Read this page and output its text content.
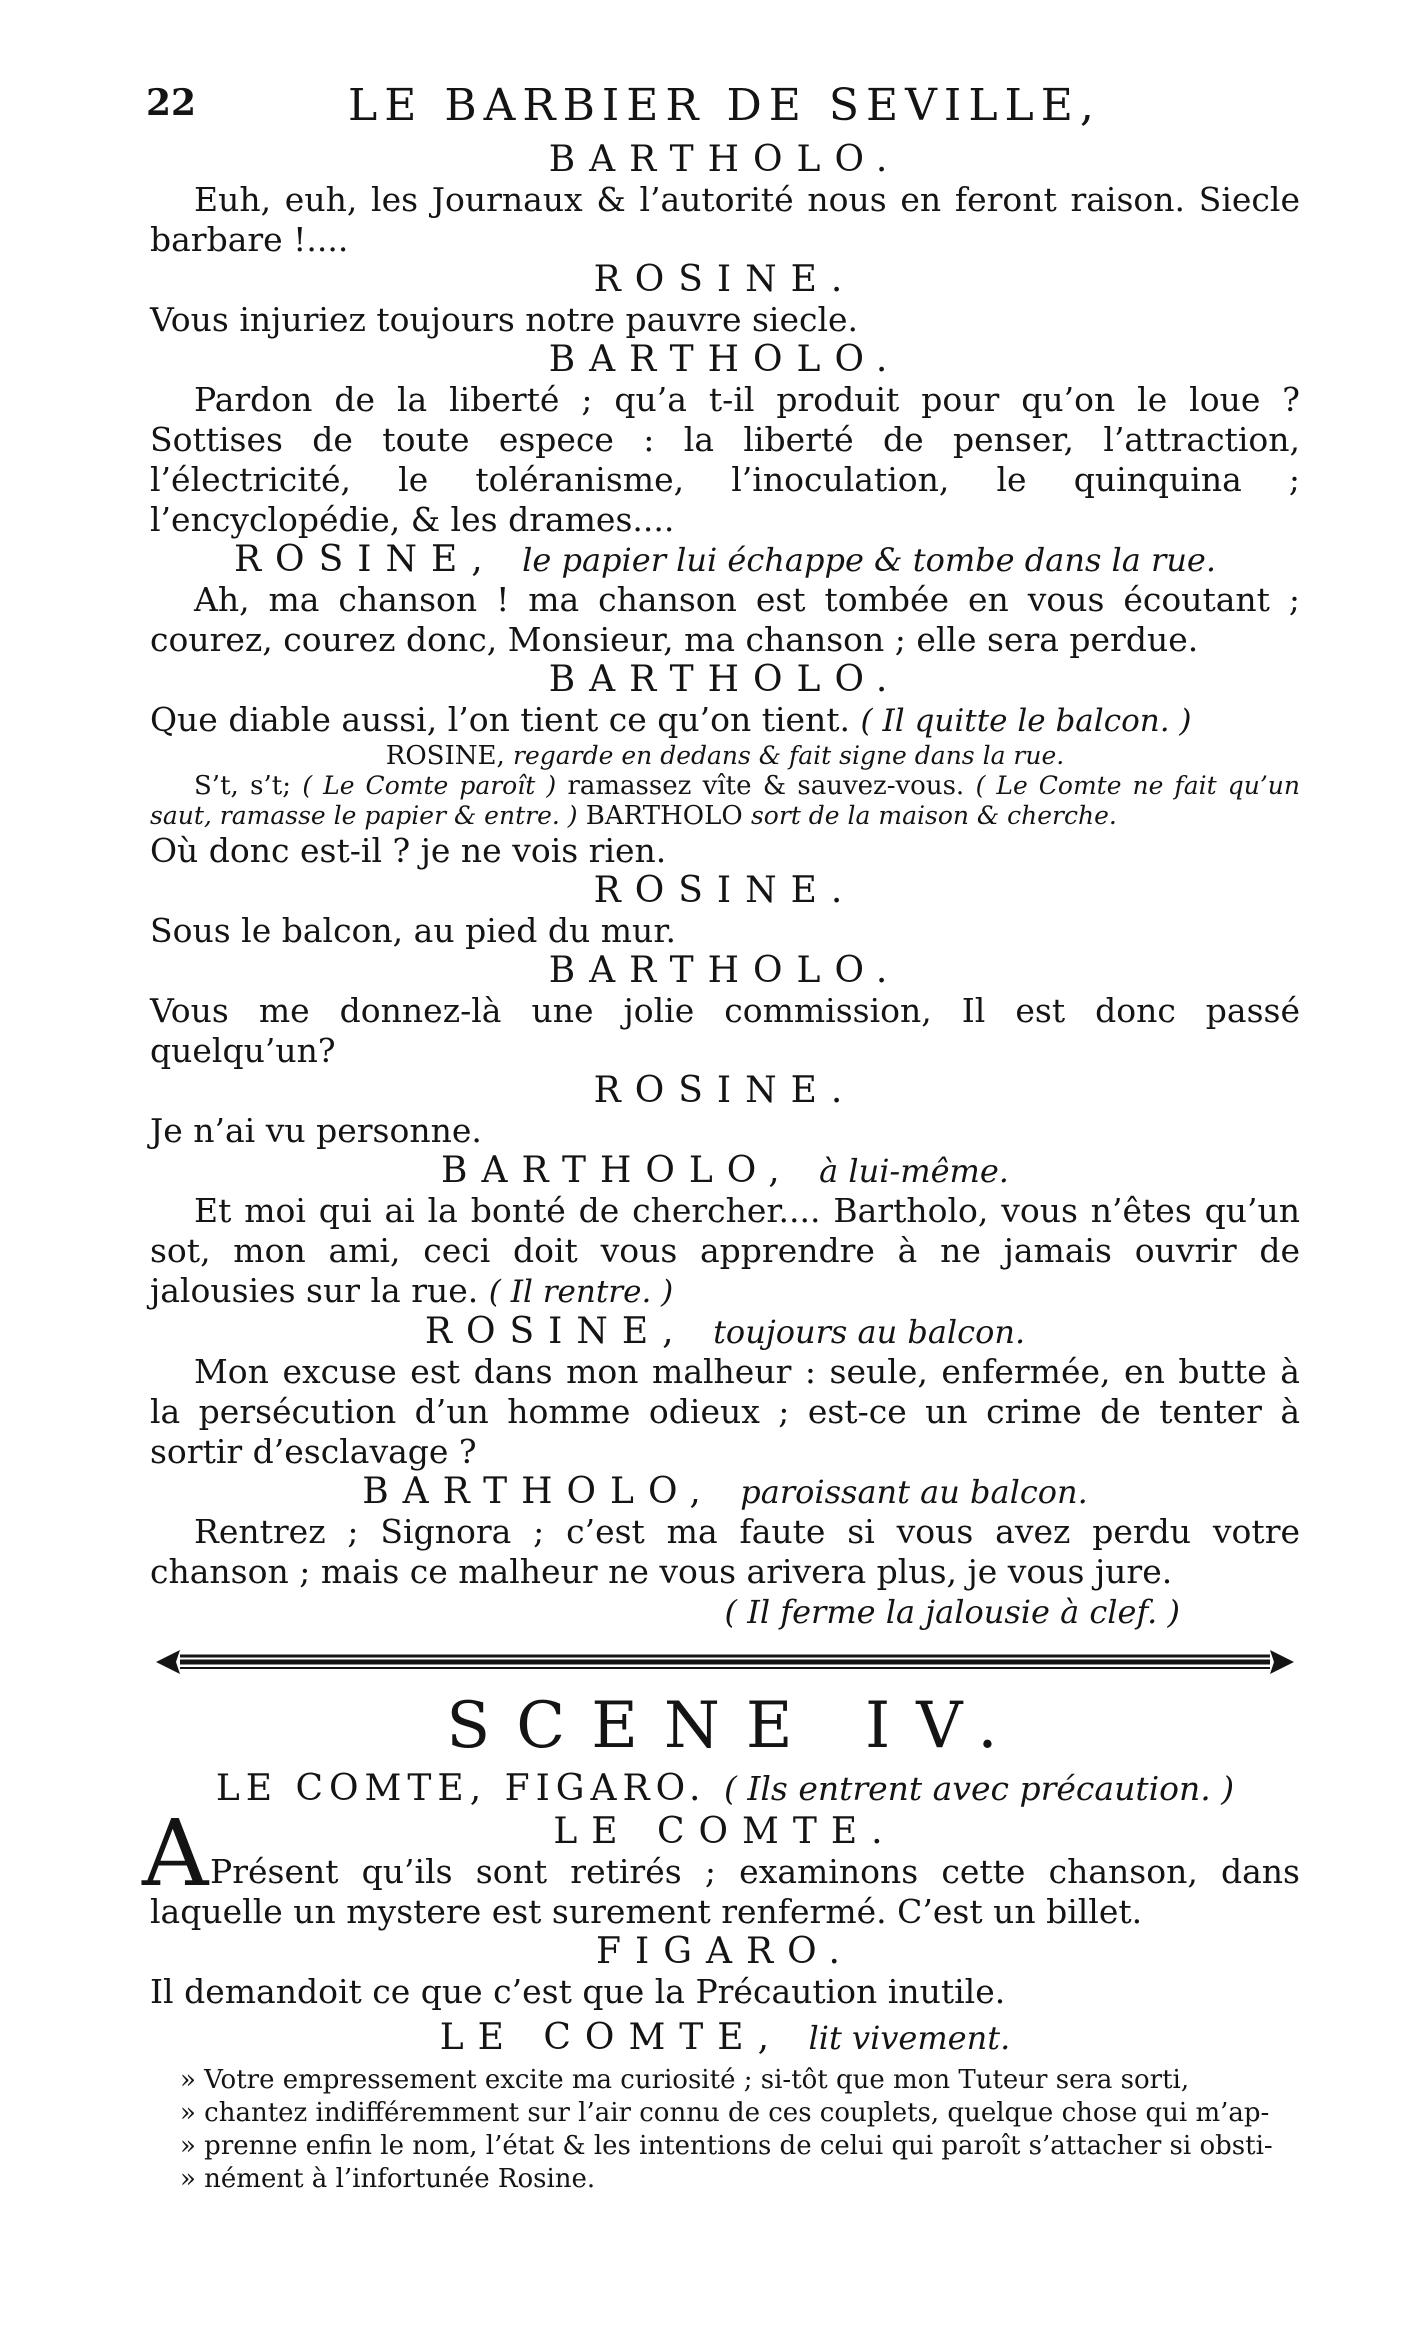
22	LE BARBIER DE SEVILLE,
BARTHOLO.

Euh, euh, les Journaux & l’autorité nous en feront raison. Siecle barbare !....

ROSINE.

Vous injuriez toujours notre pauvre siecle.

BARTHOLO.

Pardon de la liberté ; qu’a t-il produit pour qu’on le loue ? Sottises de toute espece : la liberté de penser, l’attraction, l’électricité, le toléranisme, l’inoculation, le quinquina ; l’encyclopédie, & les drames....

ROSINE, le papier lui échappe & tombe dans la rue.

Ah, ma chanson ! ma chanson est tombée en vous écoutant ; courez, courez donc, Monsieur, ma chanson ; elle sera perdue.

BARTHOLO.

Que diable aussi, l’on tient ce qu’on tient. ( Il quitte le balcon. )

ROSINE, regarde en dedans & fait signe dans la rue.
S’t, s’t; ( Le Comte paroît ) ramassez vîte & sauvez-vous. ( Le Comte ne fait qu’un saut, ramasse le papier & entre. ) BARTHOLO sort de la maison & cherche.

Où donc est-il ? je ne vois rien.

ROSINE.

Sous le balcon, au pied du mur.

BARTHOLO.

Vous me donnez-là une jolie commission, Il est donc passé quelqu’un?

ROSINE.

Je n’ai vu personne.

BARTHOLO, à lui-même.

Et moi qui ai la bonté de chercher.... Bartholo, vous n’êtes qu’un sot, mon ami, ceci doit vous apprendre à ne jamais ouvrir de jalousies sur la rue. ( Il rentre. )

ROSINE, toujours au balcon.

Mon excuse est dans mon malheur : seule, enfermée, en butte à la persécution d’un homme odieux ; est-ce un crime de tenter à sortir d’esclavage ?

BARTHOLO, paroissant au balcon.

Rentrez ; Signora ; c’est ma faute si vous avez perdu votre chanson ; mais ce malheur ne vous arivera plus, je vous jure.

( Il ferme la jalousie à clef. )
SCENE IV.
LE COMTE, FIGARO. ( Ils entrent avec précaution. )
LE COMTE.
A Présent qu’ils sont retirés ; examinons cette chanson, dans laquelle un mystere est surement renfermé. C’est un billet.

FIGARO.

Il demandoit ce que c’est que la Précaution inutile.

LE COMTE, lit vivement.
» Votre empressement excite ma curiosité ; si-tôt que mon Tuteur sera sorti,
» chantez indifféremment sur l’air connu de ces couplets, quelque chose qui m’ap-
» prenne enfin le nom, l’état & les intentions de celui qui paroît s’attacher si obsti-
» nément à l’infortunée Rosine.
